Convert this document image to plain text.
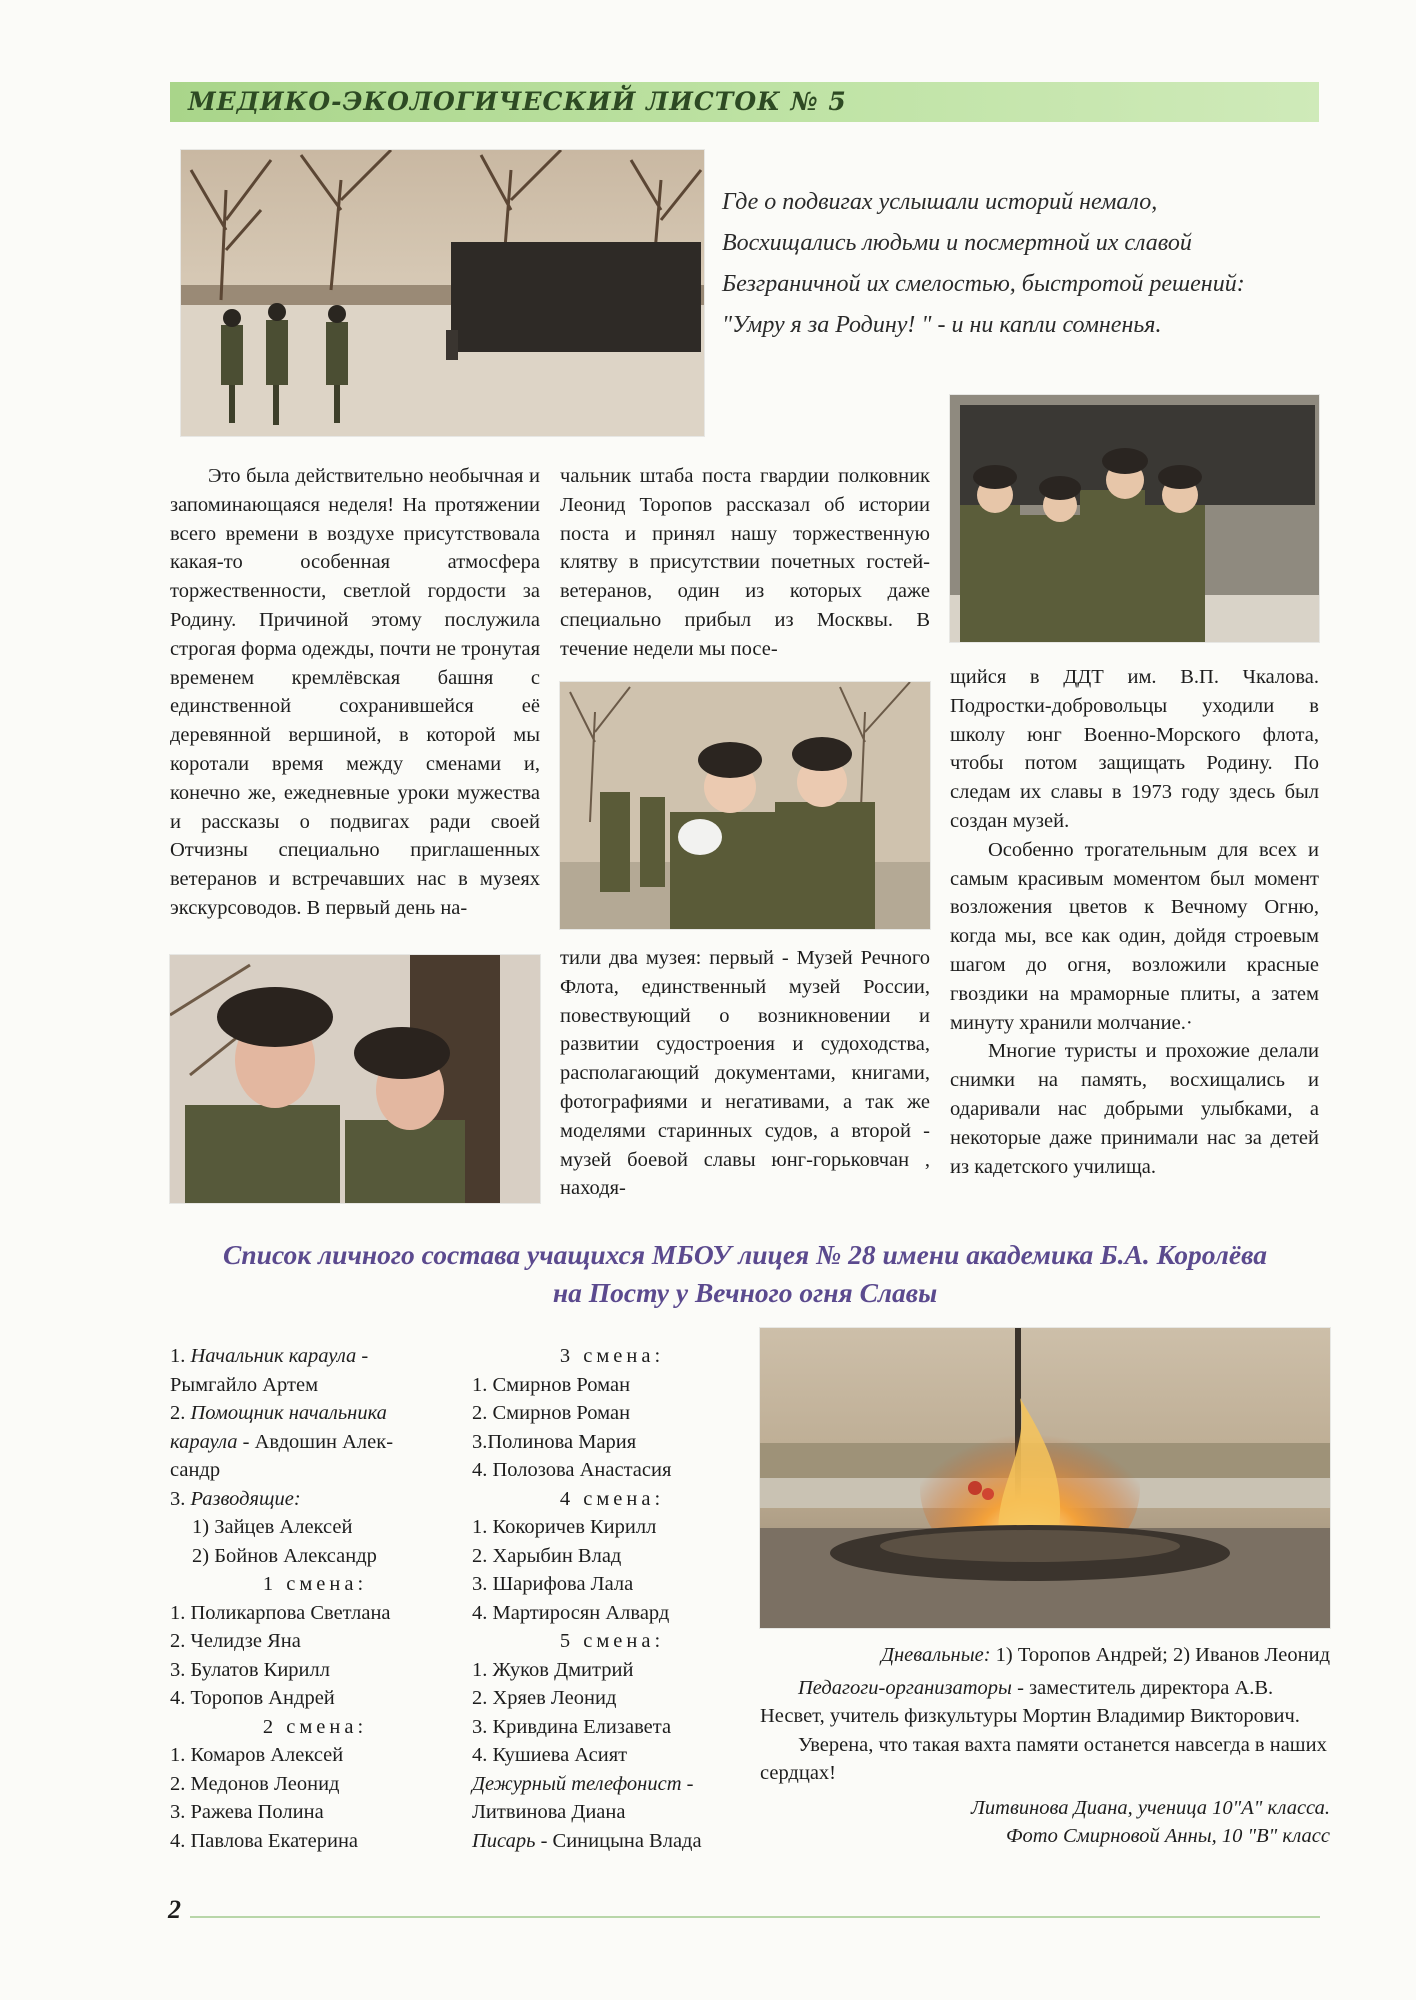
МЕДИКО-ЭКОЛОГИЧЕСКИЙ ЛИСТОК № 5
Где о подвигах услышали историй немало,
Восхищались людьми и посмертной их славой
Безграничной их смелостью, быстротой решений:
"Умру я за Родину! " - и ни капли сомненья.

Это была действительно необычная и запоминающаяся неделя! На протяжении всего времени в воздухе присутствовала какая-то особенная атмосфера торжественности, светлой гордости за Родину. Причиной этому послужила строгая форма одежды, почти не тронутая временем кремлёвская башня с единственной сохранившейся её деревянной вершиной, в которой мы коротали время между сменами и, конечно же, ежедневные уроки мужества и рассказы о подвигах ради своей Отчизны специально приглашенных ветеранов и встречавших нас в музеях экскурсоводов. В первый день на-

чальник штаба поста гвардии полковник Леонид Торопов рассказал об истории поста и принял нашу торжественную клятву в присутствии почетных гостей-ветеранов, один из которых даже специально прибыл из Москвы. В течение недели мы посе-

тили два музея: первый - Музей Речного Флота, единственный музей России, повествующий о возникновении и развитии судостроения и судоходства, располагающий документами, книгами, фотографиями и негативами, а так же моделями старинных судов, а второй - музей боевой славы юнг-горьковчан , находя-

щийся в ДДТ им. В.П. Чкалова. Подростки-добровольцы уходили в школу юнг Военно-Морского флота, чтобы потом защищать Родину. По следам их славы в 1973 году здесь был создан музей.

Особенно трогательным для всех и самым красивым моментом был момент возложения цветов к Вечному Огню, когда мы, все как один, дойдя строевым шагом до огня, возложили красные гвоздики на мраморные плиты, а затем минуту хранили молчание.·

Многие туристы и прохожие делали снимки на память, восхищались и одаривали нас добрыми улыбками, а некоторые даже принимали нас за детей из кадетского училища.

Список личного состава учащихся МБОУ лицея № 28 имени академика Б.А. Королёва
на Посту у Вечного огня Славы
1. Начальник караула -
Рымгайло Артем
2. Помощник начальника
караула - Авдошин Алек-
сандр
3. Разводящие:
1) Зайцев Алексей
2) Бойнов Александр
1 смена:
1. Поликарпова Светлана
2. Челидзе Яна
3. Булатов Кирилл
4. Торопов Андрей
2 смена:
1. Комаров Алексей
2. Медонов Леонид
3. Ражева Полина
4. Павлова Екатерина
3 смена:
1. Смирнов Роман
2. Смирнов Роман
3.Полинова Мария
4. Полозова Анастасия
4 смена:
1. Кокоричев Кирилл
2. Харыбин Влад
3. Шарифова Лала
4. Мартиросян Алвард
5 смена:
1. Жуков Дмитрий
2. Хряев Леонид
3. Кривдина Елизавета
4. Кушиева Асият
Дежурный телефонист -
Литвинова Диана
Писарь - Синицына Влада

Дневальные: 1) Торопов Андрей; 2) Иванов Леонид

Педагоги-организаторы - заместитель директора А.В. Несвет, учитель физкультуры Мортин Владимир Викторович.

Уверена, что такая вахта памяти останется навсегда в наших сердцах!

Литвинова Диана, ученица 10"А" класса.

Фото Смирновой Анны, 10 "В" класс

2
